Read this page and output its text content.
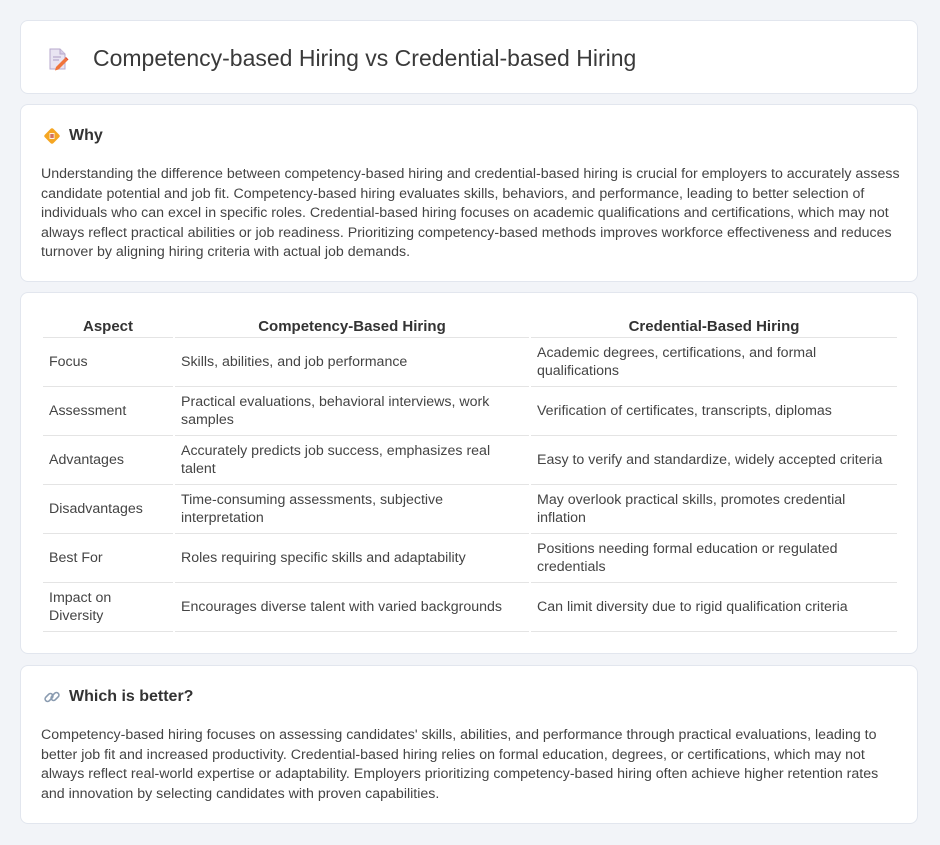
Competency-based Hiring vs Credential-based Hiring
Why

Understanding the difference between competency-based hiring and credential-based hiring is crucial for employers to accurately assess candidate potential and job fit. Competency-based hiring evaluates skills, behaviors, and performance, leading to better selection of individuals who can excel in specific roles. Credential-based hiring focuses on academic qualifications and certifications, which may not always reflect practical abilities or job readiness. Prioritizing competency-based methods improves workforce effectiveness and reduces turnover by aligning hiring criteria with actual job demands.

Aspect	Competency-Based Hiring	Credential-Based Hiring
Focus	Skills, abilities, and job performance	Academic degrees, certifications, and formal qualifications
Assessment	Practical evaluations, behavioral interviews, work samples	Verification of certificates, transcripts, diplomas
Advantages	Accurately predicts job success, emphasizes real talent	Easy to verify and standardize, widely accepted criteria
Disadvantages	Time-consuming assessments, subjective interpretation	May overlook practical skills, promotes credential inflation
Best For	Roles requiring specific skills and adaptability	Positions needing formal education or regulated credentials
Impact on Diversity	Encourages diverse talent with varied backgrounds	Can limit diversity due to rigid qualification criteria
Which is better?

Competency-based hiring focuses on assessing candidates' skills, abilities, and performance through practical evaluations, leading to better job fit and increased productivity. Credential-based hiring relies on formal education, degrees, or certifications, which may not always reflect real-world expertise or adaptability. Employers prioritizing competency-based hiring often achieve higher retention rates and innovation by selecting candidates with proven capabilities.
